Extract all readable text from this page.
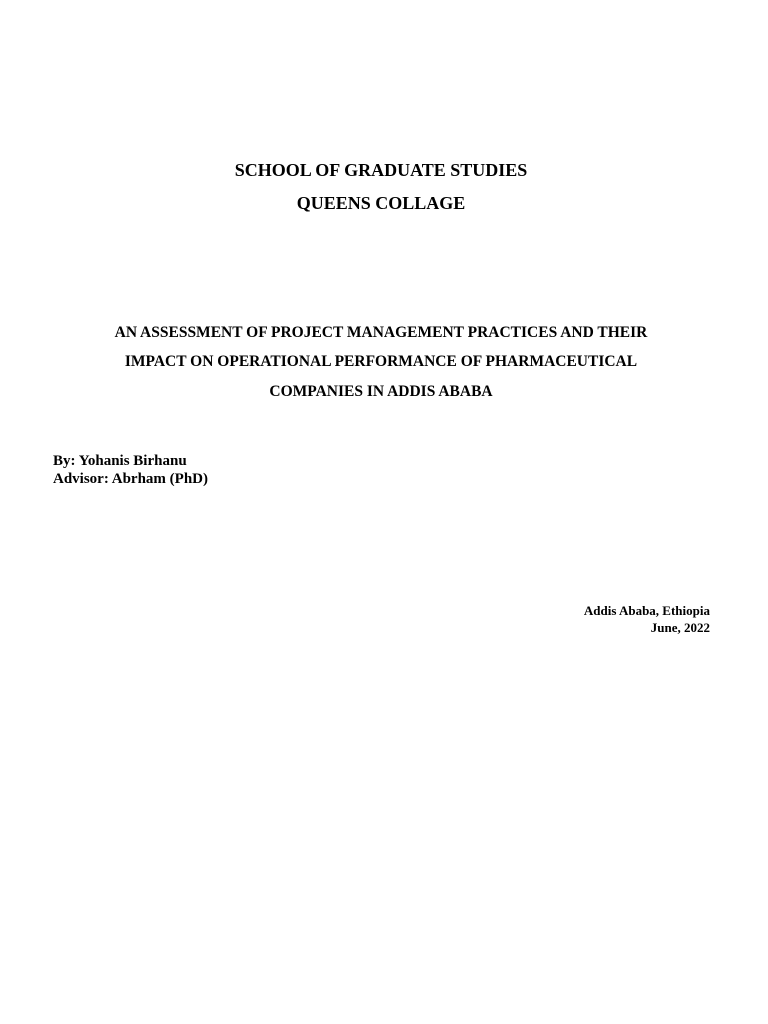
SCHOOL OF GRADUATE STUDIES
QUEENS COLLAGE
AN ASSESSMENT OF PROJECT MANAGEMENT PRACTICES AND THEIR
IMPACT ON OPERATIONAL PERFORMANCE OF PHARMACEUTICAL
COMPANIES IN ADDIS ABABA
By: Yohanis Birhanu
Advisor: Abrham (PhD)
Addis Ababa, Ethiopia
June, 2022
